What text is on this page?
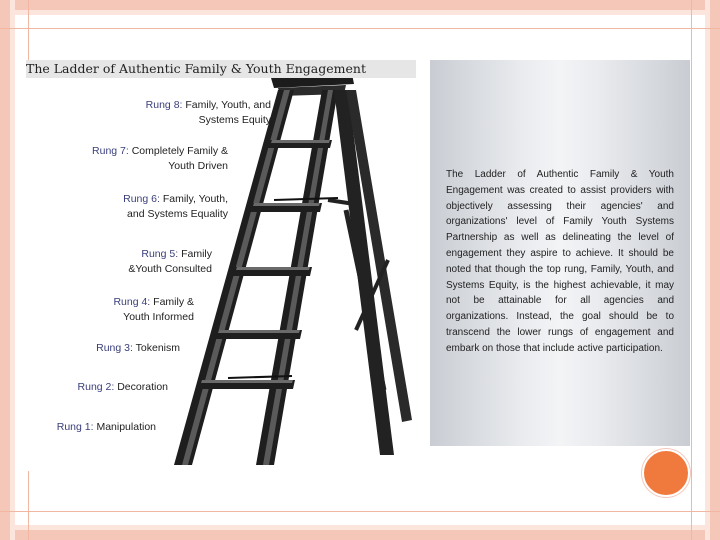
The Ladder of Authentic Family & Youth Engagement
Rung 8: Family, Youth, and
Systems Equity
Rung 7: Completely Family &
Youth Driven
Rung 6: Family, Youth,
and Systems Equality
Rung 5: Family
&Youth Consulted
Rung 4: Family &
Youth Informed
Rung 3: Tokenism
Rung 2: Decoration
Rung 1: Manipulation
The Ladder of Authentic Family & Youth Engagement was created to assist providers with objectively assessing their agencies' and organizations' level of Family Youth Systems Partnership as well as delineating the level of engagement they aspire to achieve. It should be noted that though the top rung, Family, Youth, and Systems Equity, is the highest achievable, it may not be attainable for all agencies and organizations. Instead, the goal should be to transcend the lower rungs of engagement and embark on those that include active participation.
